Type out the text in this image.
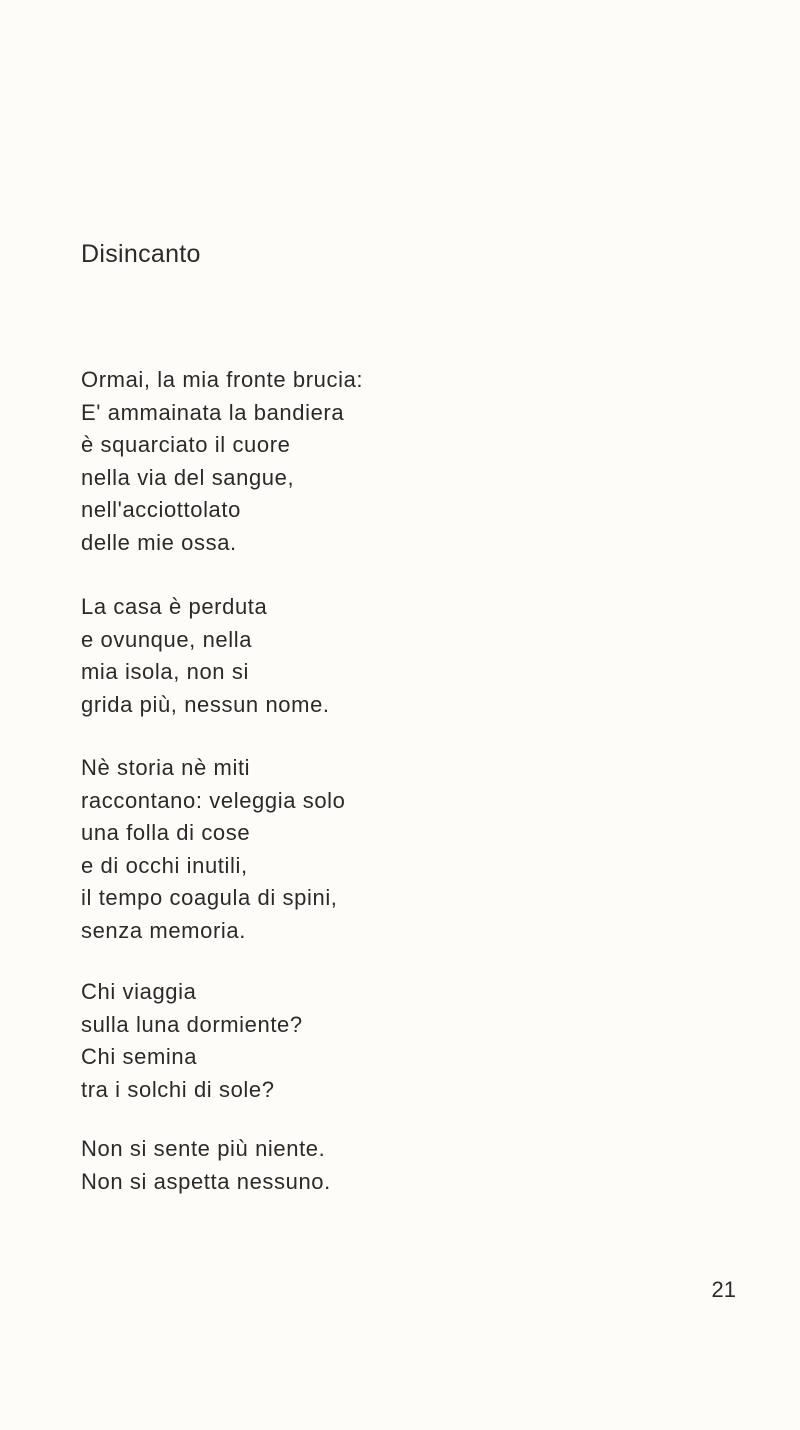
Disincanto
Ormai, la mia fronte brucia:
E' ammainata la bandiera
è squarciato il cuore
nella via del sangue,
nell'acciottolato
delle mie ossa.
La casa è perduta
e ovunque, nella
mia isola, non si
grida più, nessun nome.
Nè storia nè miti
raccontano: veleggia solo
una folla di cose
e di occhi inutili,
il tempo coagula di spini,
senza memoria.
Chi viaggia
sulla luna dormiente?
Chi semina
tra i solchi di sole?
Non si sente più niente.
Non si aspetta nessuno.
21
